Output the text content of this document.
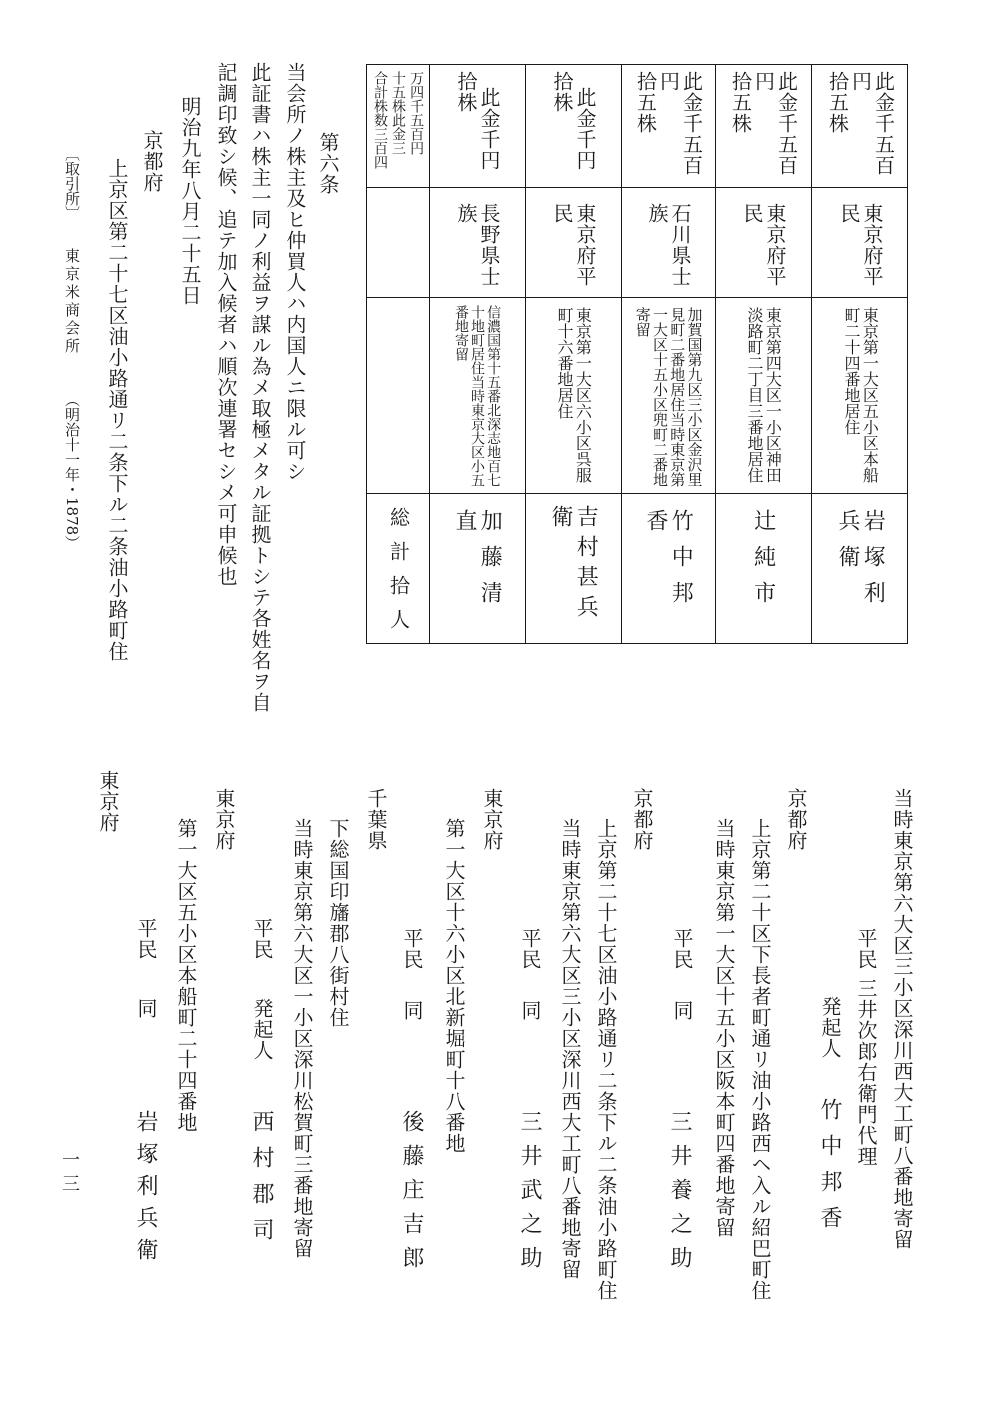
拾五株	此金千五百円
東京府平民
東京第一大区五小区本船町二十四番地居住
岩塚利兵衛
拾五株	此金千五百円
東京府平民
東京第四大区一小区神田淡路町二丁目三番地居住
辻純市
拾五株	此金千五百円
石川県士族
加賀国第九区三小区金沢里見町二番地居住当時東京第一大区十五小区兜町二番地寄留
竹中邦香
拾株 此金千円
東京府平民
東京第一大区六小区呉服町十六番地居住
吉村甚兵衛
拾株 此金千円
長野県士族
信濃国第十五番北深志地百七十地町居住当時東京大区小五番地寄留
加藤清直
合計株数三百四 十五株此金三 万四千五百円
総計拾人
第六条
当会所ノ株主及ヒ仲買人ハ内国人ニ限ル可シ
此証書ハ株主一同ノ利益ヲ謀ル為メ取極メタル証拠トシテ各姓名ヲ自
記調印致シ候、追テ加入候者ハ順次連署セシメ可申候也
明治九年八月二十五日
京都府
上京区第二十七区油小路通リ二条下ル二条油小路町住
〔取引所〕
東京米商会所
（明治十一年・1878）
当時東京第六大区三小区深川西大工町八番地寄留
平民
三井次郎右衛門代理
発起人
竹中邦香
京都府
上京第二十区下長者町通リ油小路西ヘ入ル紹巴町住
当時東京第一大区十五小区阪本町四番地寄留
平民
同
三井養之助
京都府
上京第二十七区油小路通リ二条下ル二条油小路町住
当時東京第六大区三小区深川西大工町八番地寄留
平民
同
三井武之助
東京府
第一大区十六小区北新堀町十八番地
平民
同
後藤庄吉郎
千葉県
下総国印旛郡八街村住
当時東京第六大区一小区深川松賀町三番地寄留
平民
発起人
西村郡司
東京府
第一大区五小区本船町二十四番地
平民
同
岩塚利兵衛
東京府
一三
